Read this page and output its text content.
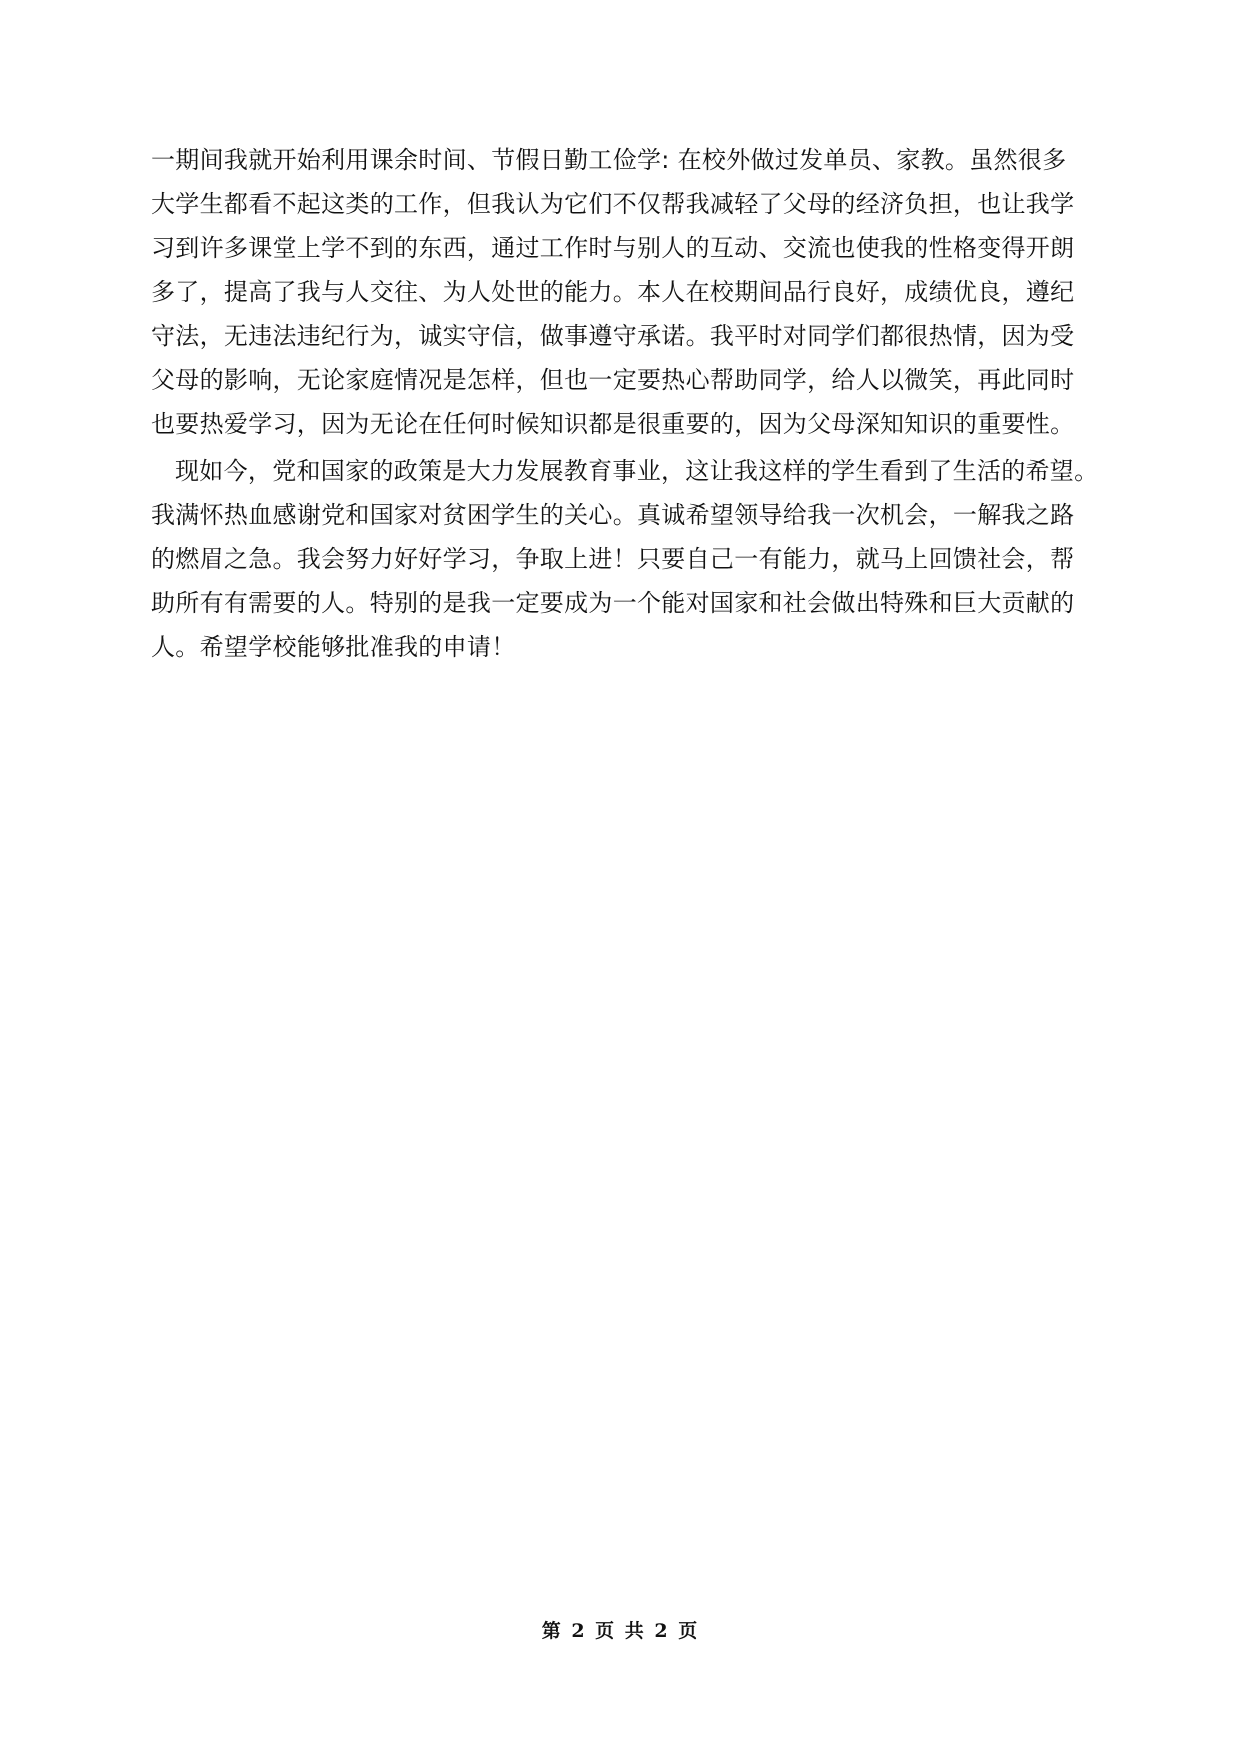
一期间我就开始利用课余时间、节假日勤工俭学: 在校外做过发单员、家教。虽然很多
大学生都看不起这类的工作，但我认为它们不仅帮我减轻了父母的经济负担，也让我学
习到许多课堂上学不到的东西，通过工作时与别人的互动、交流也使我的性格变得开朗
多了，提高了我与人交往、为人处世的能力。本人在校期间品行良好，成绩优良，遵纪
守法，无违法违纪行为，诚实守信，做事遵守承诺。我平时对同学们都很热情，因为受
父母的影响，无论家庭情况是怎样，但也一定要热心帮助同学，给人以微笑，再此同时
也要热爱学习，因为无论在任何时候知识都是很重要的，因为父母深知知识的重要性。
现如今，党和国家的政策是大力发展教育事业，这让我这样的学生看到了生活的希望。
我满怀热血感谢党和国家对贫困学生的关心。真诚希望领导给我一次机会，一解我之路
的燃眉之急。我会努力好好学习，争取上进！只要自己一有能力，就马上回馈社会，帮
助所有有需要的人。特别的是我一定要成为一个能对国家和社会做出特殊和巨大贡献的
人。希望学校能够批准我的申请！
第 2 页 共 2 页
